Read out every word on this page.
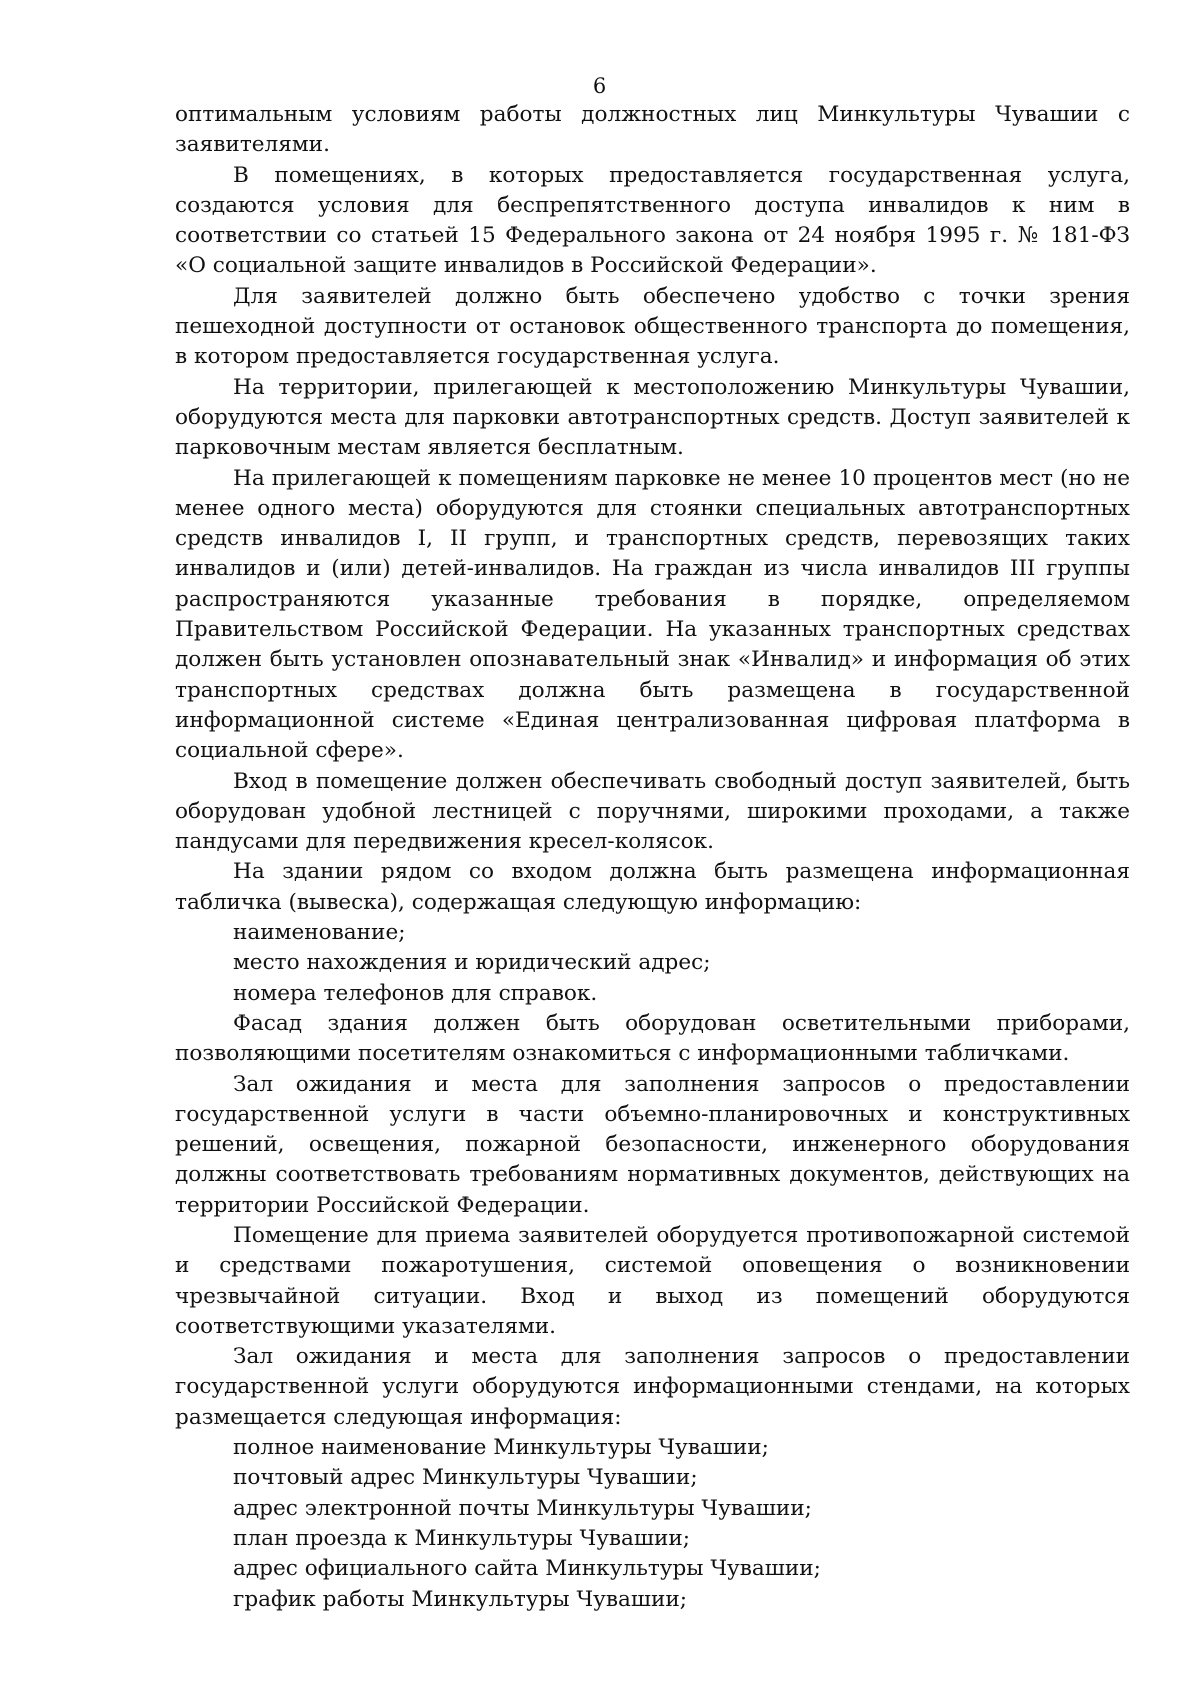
6

оптимальным условиям работы должностных лиц Минкультуры Чувашии с заявителями.

В помещениях, в которых предоставляется государственная услуга, создаются условия для беспрепятственного доступа инвалидов к ним в соответствии со статьей 15 Федерального закона от 24 ноября 1995 г. № 181-ФЗ «О социальной защите инвалидов в Российской Федерации».

Для заявителей должно быть обеспечено удобство с точки зрения пешеходной доступности от остановок общественного транспорта до помещения, в котором предоставляется государственная услуга.

На территории, прилегающей к местоположению Минкультуры Чувашии, оборудуются места для парковки автотранспортных средств. Доступ заявителей к парковочным местам является бесплатным.

На прилегающей к помещениям парковке не менее 10 процентов мест (но не менее одного места) оборудуются для стоянки специальных автотранспортных средств инвалидов I, II групп, и транспортных средств, перевозящих таких инвалидов и (или) детей-инвалидов. На граждан из числа инвалидов III группы распространяются указанные требования в порядке, определяемом Правительством Российской Федерации. На указанных транспортных средствах должен быть установлен опознавательный знак «Инвалид» и информация об этих транспортных средствах должна быть размещена в государственной информационной системе «Единая централизованная цифровая платформа в социальной сфере».

Вход в помещение должен обеспечивать свободный доступ заявителей, быть оборудован удобной лестницей с поручнями, широкими проходами, а также пандусами для передвижения кресел-колясок.

На здании рядом со входом должна быть размещена информационная табличка (вывеска), содержащая следующую информацию:

наименование;

место нахождения и юридический адрес;

номера телефонов для справок.

Фасад здания должен быть оборудован осветительными приборами, позволяющими посетителям ознакомиться с информационными табличками.

Зал ожидания и места для заполнения запросов о предоставлении государственной услуги в части объемно-планировочных и конструктивных решений, освещения, пожарной безопасности, инженерного оборудования должны соответствовать требованиям нормативных документов, действующих на территории Российской Федерации.

Помещение для приема заявителей оборудуется противопожарной системой и средствами пожаротушения, системой оповещения о возникновении чрезвычайной ситуации. Вход и выход из помещений оборудуются соответствующими указателями.

Зал ожидания и места для заполнения запросов о предоставлении государственной услуги оборудуются информационными стендами, на которых размещается следующая информация:

полное наименование Минкультуры Чувашии;

почтовый адрес Минкультуры Чувашии;

адрес электронной почты Минкультуры Чувашии;

план проезда к Минкультуры Чувашии;

адрес официального сайта Минкультуры Чувашии;

график работы Минкультуры Чувашии;
